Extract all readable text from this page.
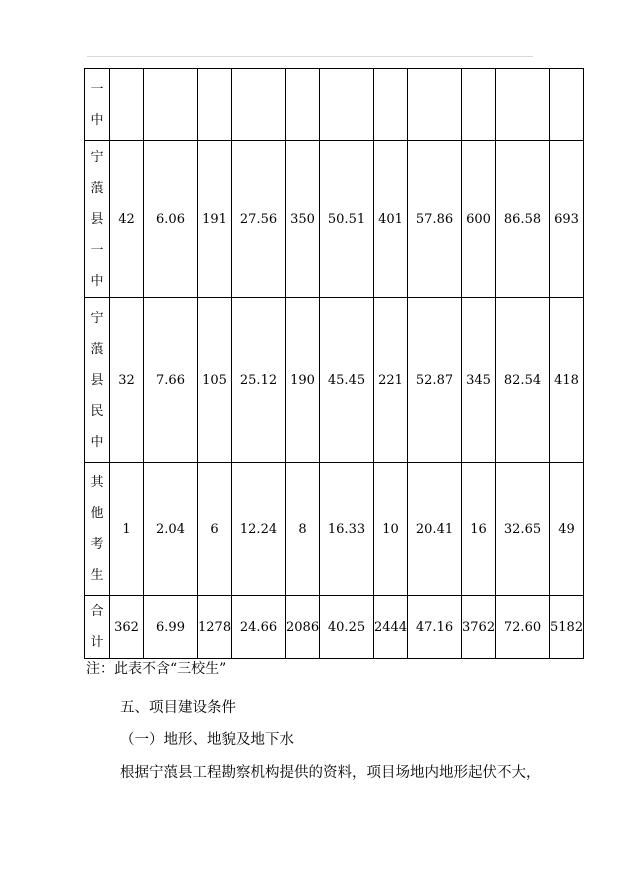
一
中											

宁
蒗
县
一
中	42	6.06	191	27.56	350	50.51	401	57.86	600	86.58	693

宁
蒗
县
民
中	32	7.66	105	25.12	190	45.45	221	52.87	345	82.54	418

其
他
考
生	1	2.04	6	12.24	8	16.33	10	20.41	16	32.65	49

合
计	362	6.99	1278	24.66	2086	40.25	2444	47.16	3762	72.60	5182
注：此表不含“三校生”
五、项目建设条件
（一）地形、地貌及地下水
根据宁蒗县工程勘察机构提供的资料，项目场地内地形起伏不大，
